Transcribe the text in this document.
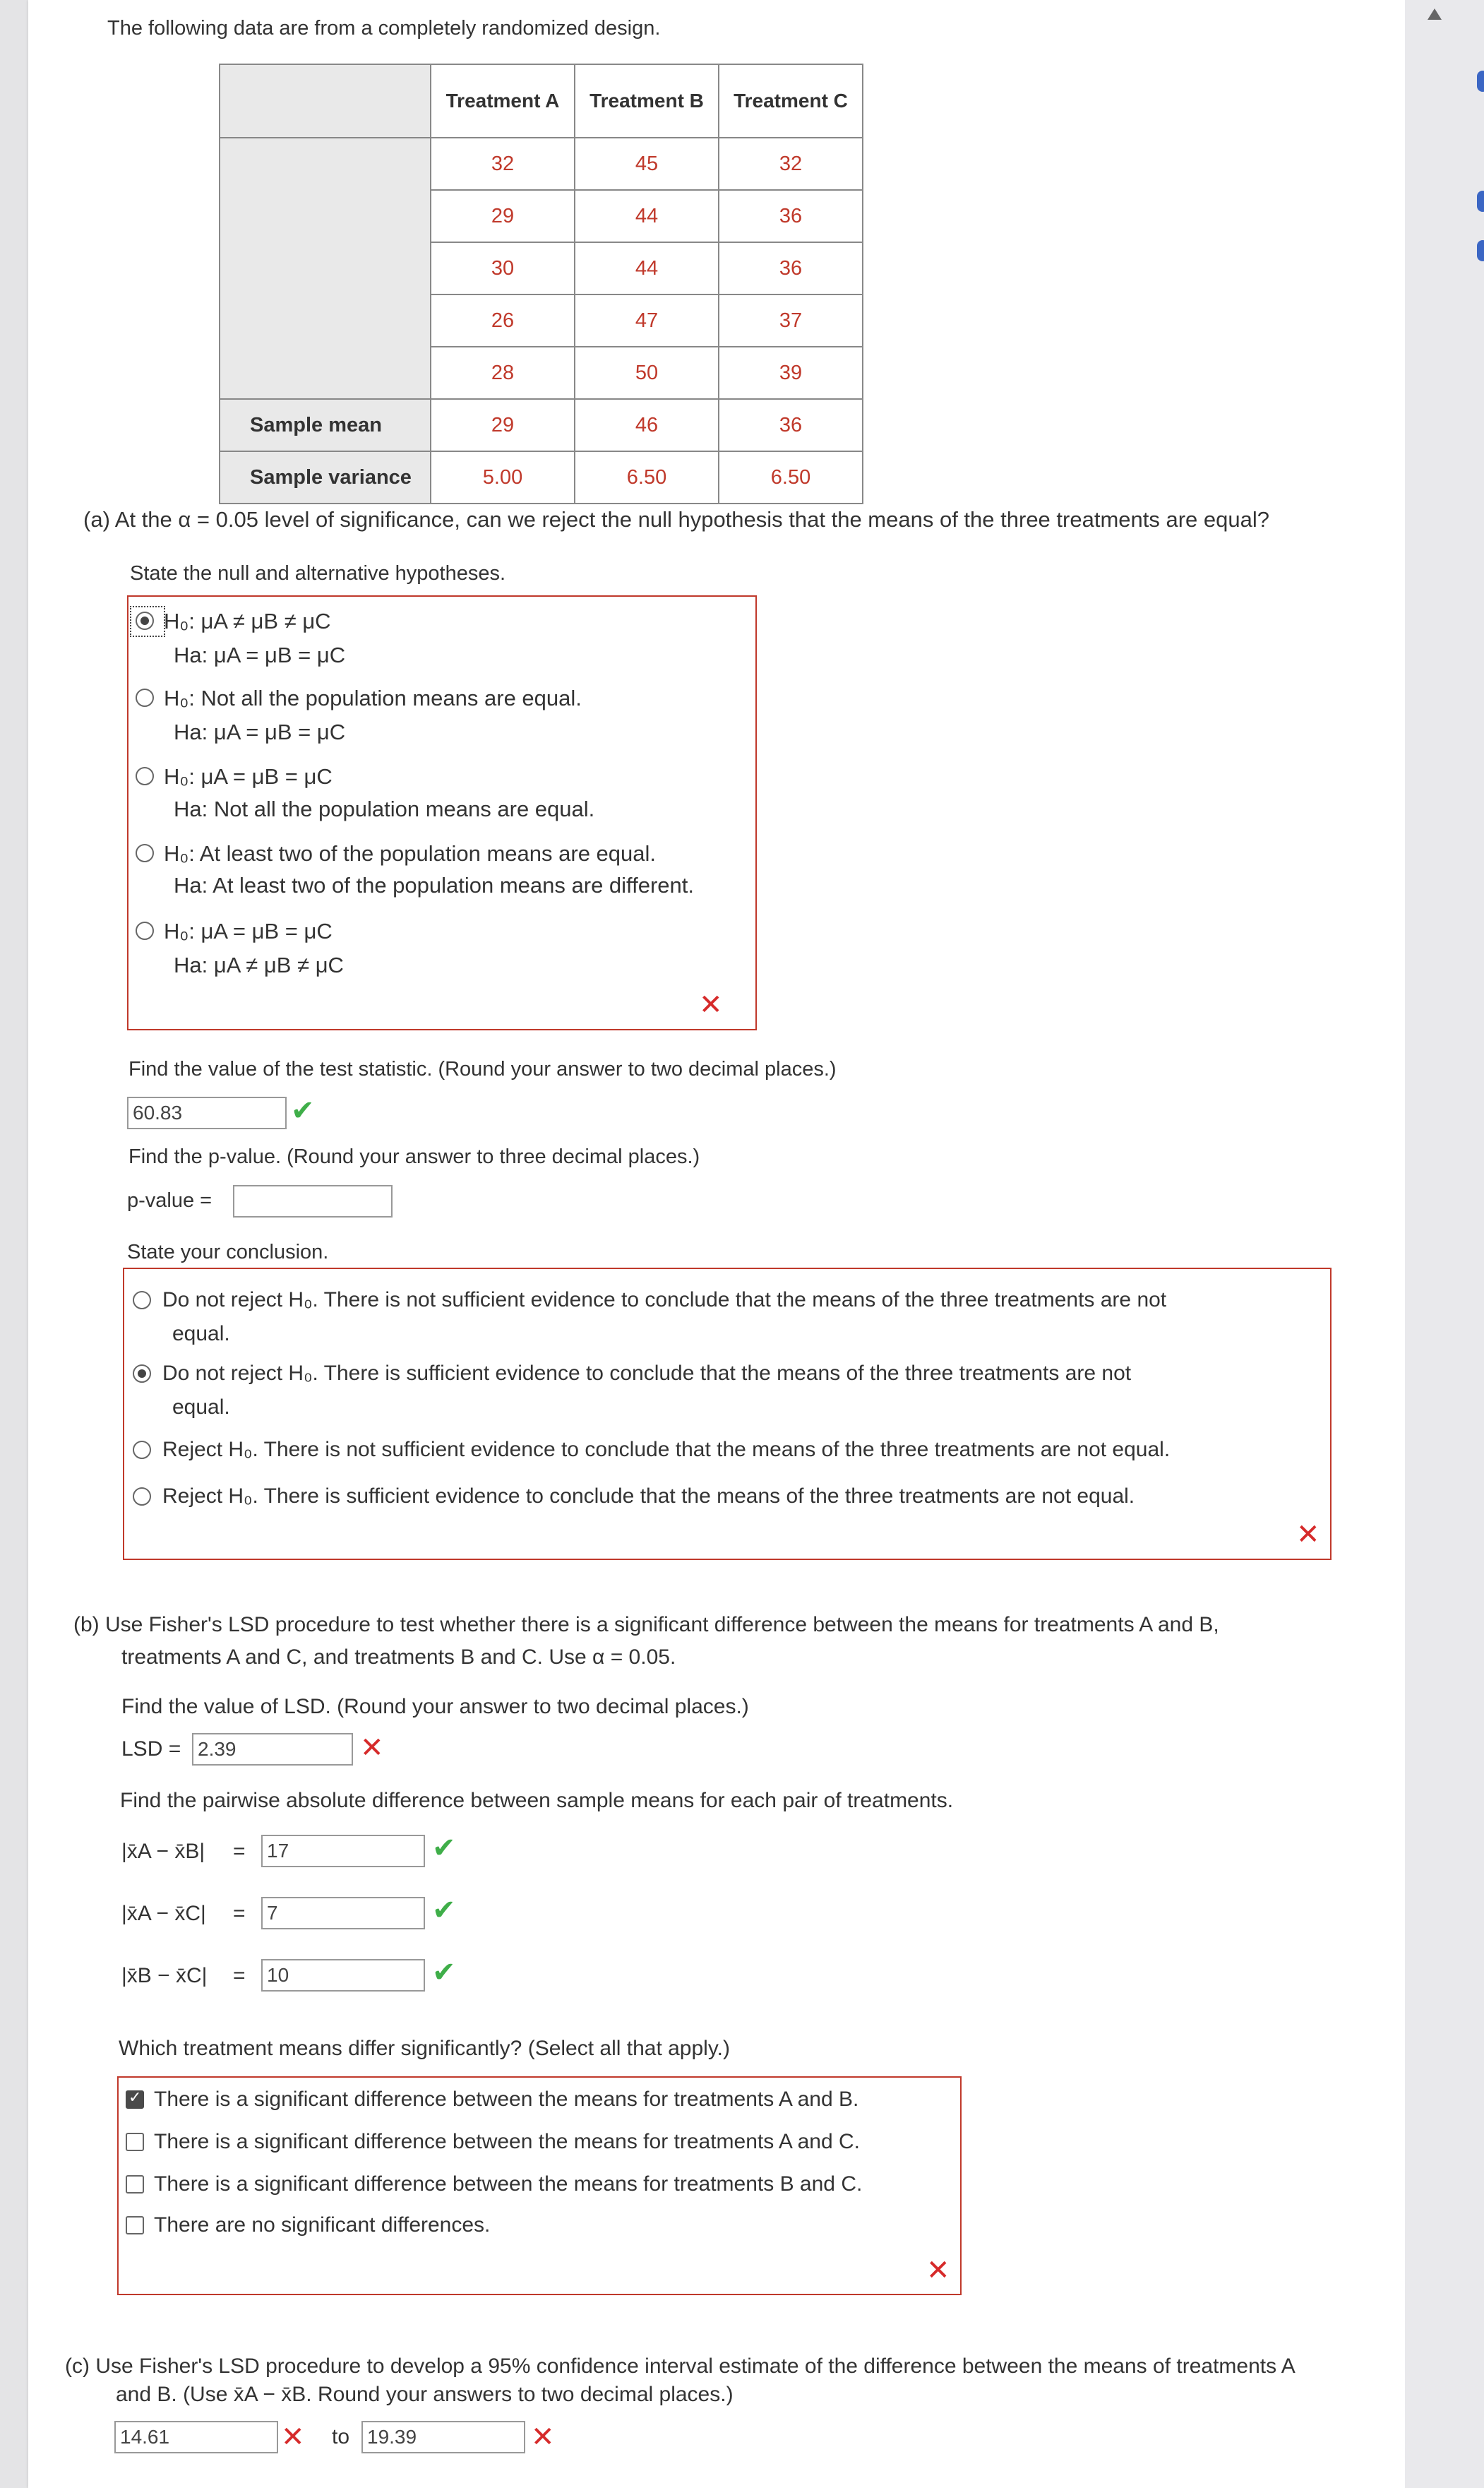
The following data are from a completely randomized design.
	Treatment A	Treatment B	Treatment C
	32	45	32
	29	44	36
	30	44	36
	26	47	37
	28	50	39
Sample mean	29	46	36
Sample variance	5.00	6.50	6.50
(a) At the α = 0.05 level of significance, can we reject the null hypothesis that the means of the three treatments are equal?
State the null and alternative hypotheses.
H₀: μA ≠ μB ≠ μC
Ha: μA = μB = μC
H₀: Not all the population means are equal.
Ha: μA = μB = μC
H₀: μA = μB = μC
Ha: Not all the population means are equal.
H₀: At least two of the population means are equal.
Ha: At least two of the population means are different.
H₀: μA = μB = μC
Ha: μA ≠ μB ≠ μC
✕
Find the value of the test statistic. (Round your answer to two decimal places.)
60.83	✔
Find the p-value. (Round your answer to three decimal places.)
p-value =
State your conclusion.
Do not reject H₀. There is not sufficient evidence to conclude that the means of the three treatments are not
equal.
Do not reject H₀. There is sufficient evidence to conclude that the means of the three treatments are not
equal.
Reject H₀. There is not sufficient evidence to conclude that the means of the three treatments are not equal.
Reject H₀. There is sufficient evidence to conclude that the means of the three treatments are not equal.
✕
(b) Use Fisher's LSD procedure to test whether there is a significant difference between the means for treatments A and B,
treatments A and C, and treatments B and C. Use α = 0.05.
Find the value of LSD. (Round your answer to two decimal places.)
LSD = 2.39	✕
Find the pairwise absolute difference between sample means for each pair of treatments.
|x̄A − x̄B| = 17	✔
|x̄A − x̄C| = 7	✔
|x̄B − x̄C| = 10	✔
Which treatment means differ significantly? (Select all that apply.)
✓
There is a significant difference between the means for treatments A and B.
There is a significant difference between the means for treatments A and C.
There is a significant difference between the means for treatments B and C.
There are no significant differences.
✕
(c) Use Fisher's LSD procedure to develop a 95% confidence interval estimate of the difference between the means of treatments A
and B. (Use x̄A − x̄B. Round your answers to two decimal places.)
14.61	✕ to 19.39	✕
